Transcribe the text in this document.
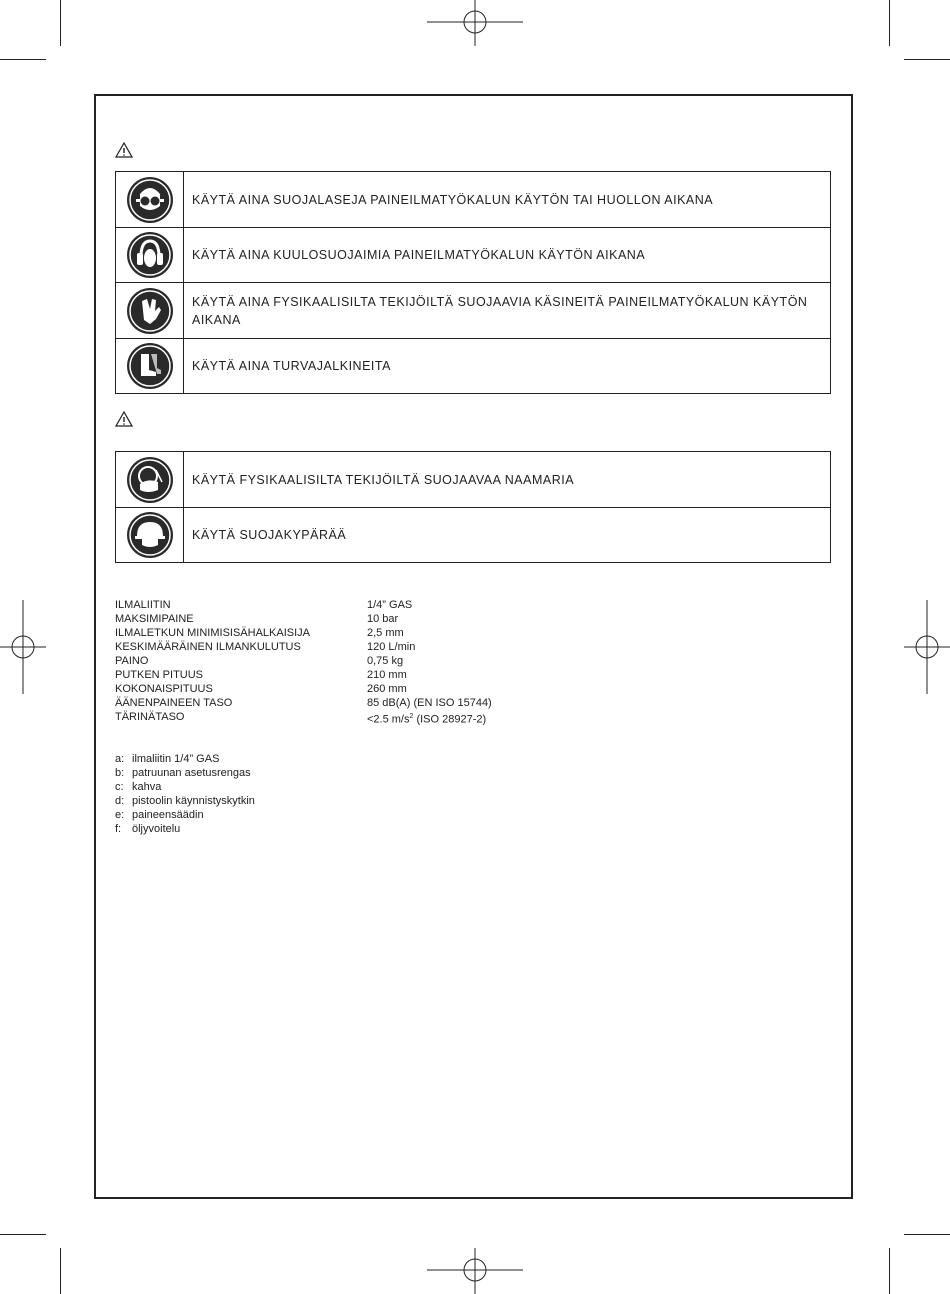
KÄYTÄ AINA SUOJALASEJA PAINEILMATYÖKALUN KÄYTÖN TAI HUOLLON AIKANA
KÄYTÄ AINA KUULOSUOJAIMIA PAINEILMATYÖKALUN KÄYTÖN AIKANA
KÄYTÄ AINA FYSIKAALISILTA TEKIJÖILTÄ SUOJAAVIA KÄSINEITÄ PAINEILMATYÖKALUN KÄYTÖN AIKANA
KÄYTÄ AINA TURVAJALKINEITA
KÄYTÄ FYSIKAALISILTA TEKIJÖILTÄ SUOJAAVAA NAAMARIA
KÄYTÄ SUOJAKYPÄRÄÄ
ILMALIITIN	1/4” GAS
MAKSIMIPAINE	10 bar
ILMALETKUN MINIMISISÄHALKAISIJA	2,5 mm
KESKIMÄÄRÄINEN ILMANKULUTUS	120 L/min
PAINO	0,75 kg
PUTKEN PITUUS	210 mm
KOKONAISPITUUS	260 mm
ÄÄNENPAINEEN TASO	85 dB(A) (EN ISO 15744)
TÄRINÄTASO	<2.5 $m/s^2$ (ISO 28927-2)
a: ilmaliitin 1/4” GAS
b: patruunan asetusrengas
c: kahva
d: pistoolin käynnistyskytkin
e: paineensäädin
f: öljyvoitelu
